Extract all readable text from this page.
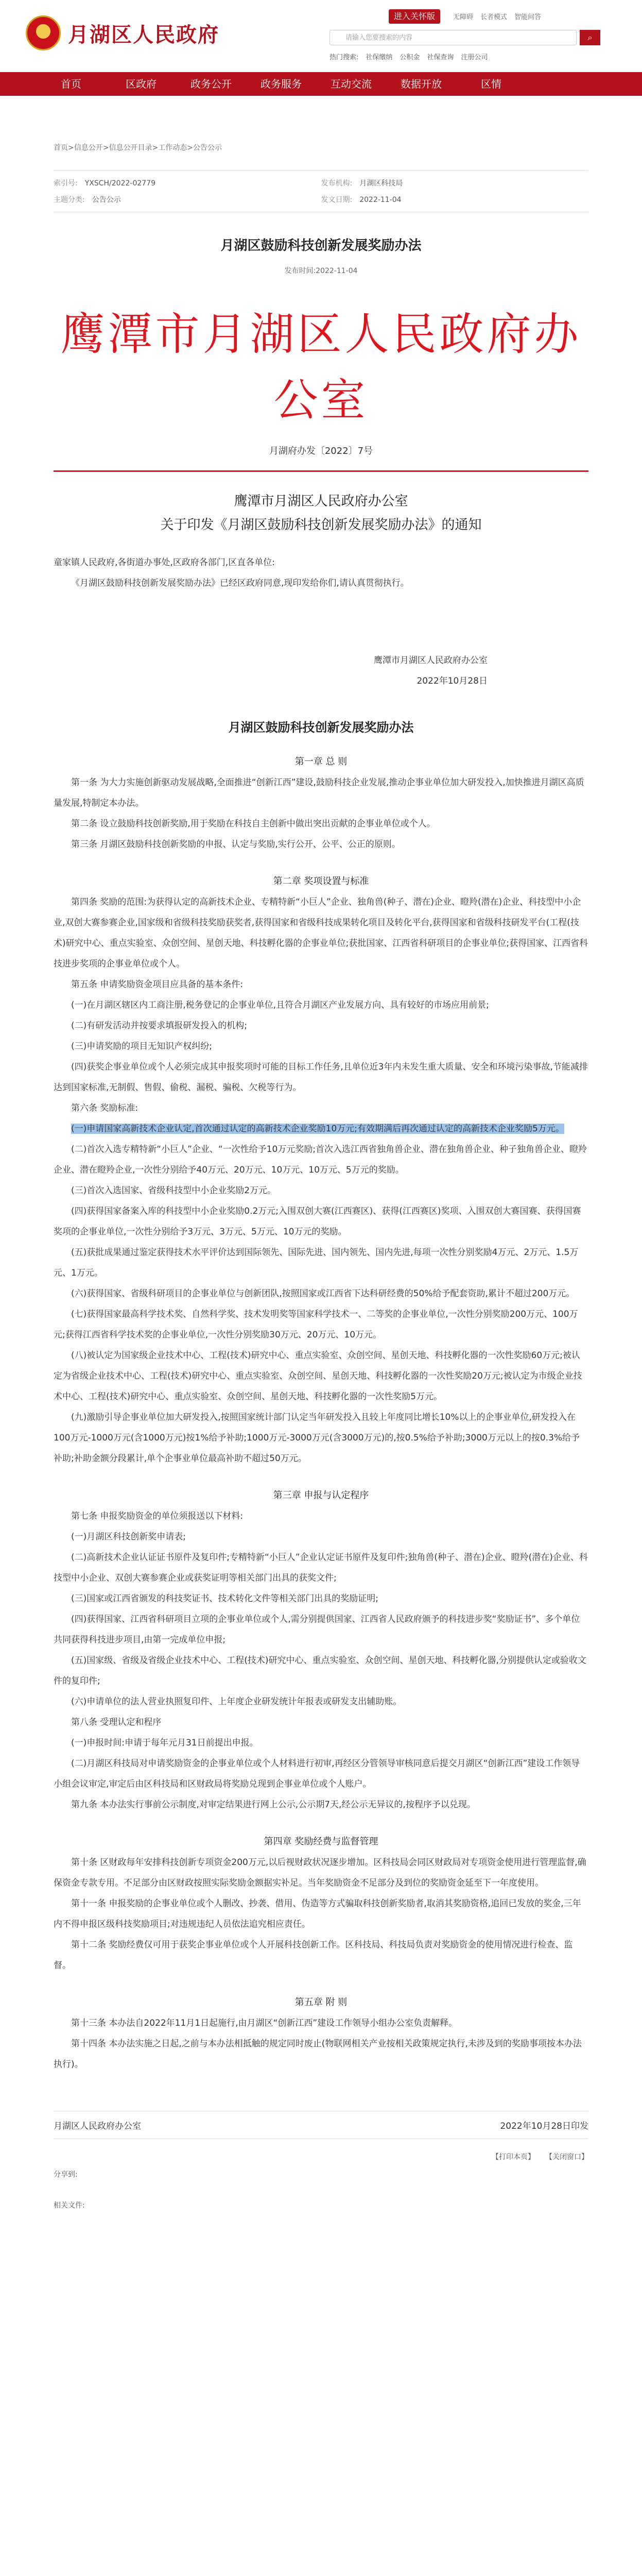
月湖区人民政府
进入关怀版	无障碍 长者模式 智能问答
请输入您要搜索的内容	⌕
热门搜索: 社保缴纳 公积金 社保查询 注册公司
首页	区政府	政务公开	政务服务	互动交流	数据开放	区情
首页>信息公开>信息公开目录>工作动态>公告公示
索引号: YXSCH/2022-02779	发布机构: 月湖区科技局
主题分类: 公告公示	发文日期: 2022-11-04
月湖区鼓励科技创新发展奖励办法
发布时间:2022-11-04
鹰潭市月湖区人民政府办公室
月湖府办发〔2022〕7号
鹰潭市月湖区人民政府办公室
关于印发《月湖区鼓励科技创新发展奖励办法》的通知
童家镇人民政府,各街道办事处,区政府各部门,区直各单位:
《月湖区鼓励科技创新发展奖励办法》已经区政府同意,现印发给你们,请认真贯彻执行。
鹰潭市月湖区人民政府办公室
2022年10月28日
月湖区鼓励科技创新发展奖励办法
第一章 总 则
第一条 为大力实施创新驱动发展战略,全面推进“创新江西”建设,鼓励科技企业发展,推动企事业单位加大研发投入,加快推进月湖区高质量发展,特制定本办法。
第二条 设立鼓励科技创新奖励,用于奖励在科技自主创新中做出突出贡献的企事业单位或个人。
第三条 月湖区鼓励科技创新奖励的申报、认定与奖励,实行公开、公平、公正的原则。
第二章 奖项设置与标准
第四条 奖励的范围:为获得认定的高新技术企业、专精特新“小巨人”企业、独角兽(种子、潜在)企业、瞪羚(潜在)企业、科技型中小企业,双创大赛参赛企业,国家级和省级科技奖励获奖者,获得国家和省级科技成果转化项目及转化平台,获得国家和省级科技研发平台(工程(技术)研究中心、重点实验室、众创空间、星创天地、科技孵化器的企事业单位;获批国家、江西省科研项目的企事业单位;获得国家、江西省科技进步奖项的企事业单位或个人。
第五条 申请奖励资金项目应具备的基本条件:
(一)在月湖区辖区内工商注册,税务登记的企事业单位,且符合月湖区产业发展方向、具有较好的市场应用前景;
(二)有研发活动并按要求填报研发投入的机构;
(三)申请奖励的项目无知识产权纠纷;
(四)获奖企事业单位或个人必须完成其申报奖项时可能的目标工作任务,且单位近3年内未发生重大质量、安全和环境污染事故,节能减排达到国家标准,无制假、售假、偷税、漏税、骗税、欠税等行为。
第六条 奖励标准:
(一)申请国家高新技术企业认定,首次通过认定的高新技术企业奖励10万元;有效期满后再次通过认定的高新技术企业奖励5万元。
(二)首次入选专精特新“小巨人”企业、“一次性给予10万元奖励;首次入选江西省独角兽企业、潜在独角兽企业、种子独角兽企业、瞪羚企业、潜在瞪羚企业,一次性分别给予40万元、20万元、10万元、10万元、5万元的奖励。
(三)首次入选国家、省级科技型中小企业奖励2万元。
(四)获得国家备案入库的科技型中小企业奖励0.2万元;入围双创大赛(江西赛区)、获得(江西赛区)奖项、入围双创大赛国赛、获得国赛奖项的企事业单位,一次性分别给予3万元、3万元、5万元、10万元的奖励。
(五)获批成果通过鉴定获得技术水平评价达到国际领先、国际先进、国内领先、国内先进,每项一次性分别奖励4万元、2万元、1.5万元、1万元。
(六)获得国家、省级科研项目的企事业单位与创新团队,按照国家或江西省下达科研经费的50%给予配套资助,累计不超过200万元。
(七)获得国家最高科学技术奖、自然科学奖、技术发明奖等国家科学技术一、二等奖的企事业单位,一次性分别奖励200万元、100万元;获得江西省科学技术奖的企事业单位,一次性分别奖励30万元、20万元、10万元。
(八)被认定为国家级企业技术中心、工程(技术)研究中心、重点实验室、众创空间、星创天地、科技孵化器的一次性奖励60万元;被认定为省级企业技术中心、工程(技术)研究中心、重点实验室、众创空间、星创天地、科技孵化器的一次性奖励20万元;被认定为市级企业技术中心、工程(技术)研究中心、重点实验室、众创空间、星创天地、科技孵化器的一次性奖励5万元。
(九)激励引导企事业单位加大研发投入,按照国家统计部门认定当年研发投入且较上年度同比增长10%以上的企事业单位,研发投入在100万元-1000万元(含1000万元)按1%给予补助;1000万元-3000万元(含3000万元)的,按0.5%给予补助;3000万元以上的按0.3%给予补助;补助金额分段累计,单个企事业单位最高补助不超过50万元。
第三章 申报与认定程序
第七条 申报奖励资金的单位须报送以下材料:
(一)月湖区科技创新奖申请表;
(二)高新技术企业认证证书原件及复印件;专精特新“小巨人”企业认定证书原件及复印件;独角兽(种子、潜在)企业、瞪羚(潜在)企业、科技型中小企业、双创大赛参赛企业或获奖证明等相关部门出具的获奖文件;
(三)国家或江西省颁发的科技奖证书、技术转化文件等相关部门出具的奖励证明;
(四)获得国家、江西省科研项目立项的企事业单位或个人,需分别提供国家、江西省人民政府颁予的科技进步奖“奖励证书”、多个单位共同获得科技进步项目,由第一完成单位申报;
(五)国家级、省级及省级企业技术中心、工程(技术)研究中心、重点实验室、众创空间、星创天地、科技孵化器,分别提供认定或验收文件的复印件;
(六)申请单位的法人营业执照复印件、上年度企业研发统计年报表或研发支出辅助账。
第八条 受理认定和程序
(一)申报时间:申请于每年元月31日前提出申报。
(二)月湖区科技局对申请奖励资金的企事业单位或个人材料进行初审,再经区分管领导审核同意后提交月湖区“创新江西”建设工作领导小组会议审定,审定后由区科技局和区财政局将奖励兑现到企事业单位或个人账户。
第九条 本办法实行事前公示制度,对审定结果进行网上公示,公示期7天,经公示无异议的,按程序予以兑现。
第四章 奖励经费与监督管理
第十条 区财政每年安排科技创新专项资金200万元,以后视财政状况逐步增加。区科技局会同区财政局对专项资金使用进行管理监督,确保资金专款专用。不足部分由区财政按照实际奖励金额据实补足。当年奖励资金不足部分及到位的奖励资金延至下一年度使用。
第十一条 申报奖励的企事业单位或个人删改、抄袭、借用、伪造等方式骗取科技创新奖励者,取消其奖励资格,追回已发放的奖金,三年内不得申报区级科技奖励项目;对违规违纪人员依法追究相应责任。
第十二条 奖励经费仅可用于获奖企事业单位或个人开展科技创新工作。区科技局、科技局负责对奖励资金的使用情况进行检查、监督。
第五章 附 则
第十三条 本办法自2022年11月1日起施行,由月湖区“创新江西”建设工作领导小组办公室负责解释。
第十四条 本办法实施之日起,之前与本办法相抵触的规定同时废止(物联网相关产业按相关政策规定执行,未涉及到的奖励事项按本办法执行)。
月湖区人民政府办公室	2022年10月28日印发
【打印本页】 【关闭窗口】
分享到:
相关文件:
